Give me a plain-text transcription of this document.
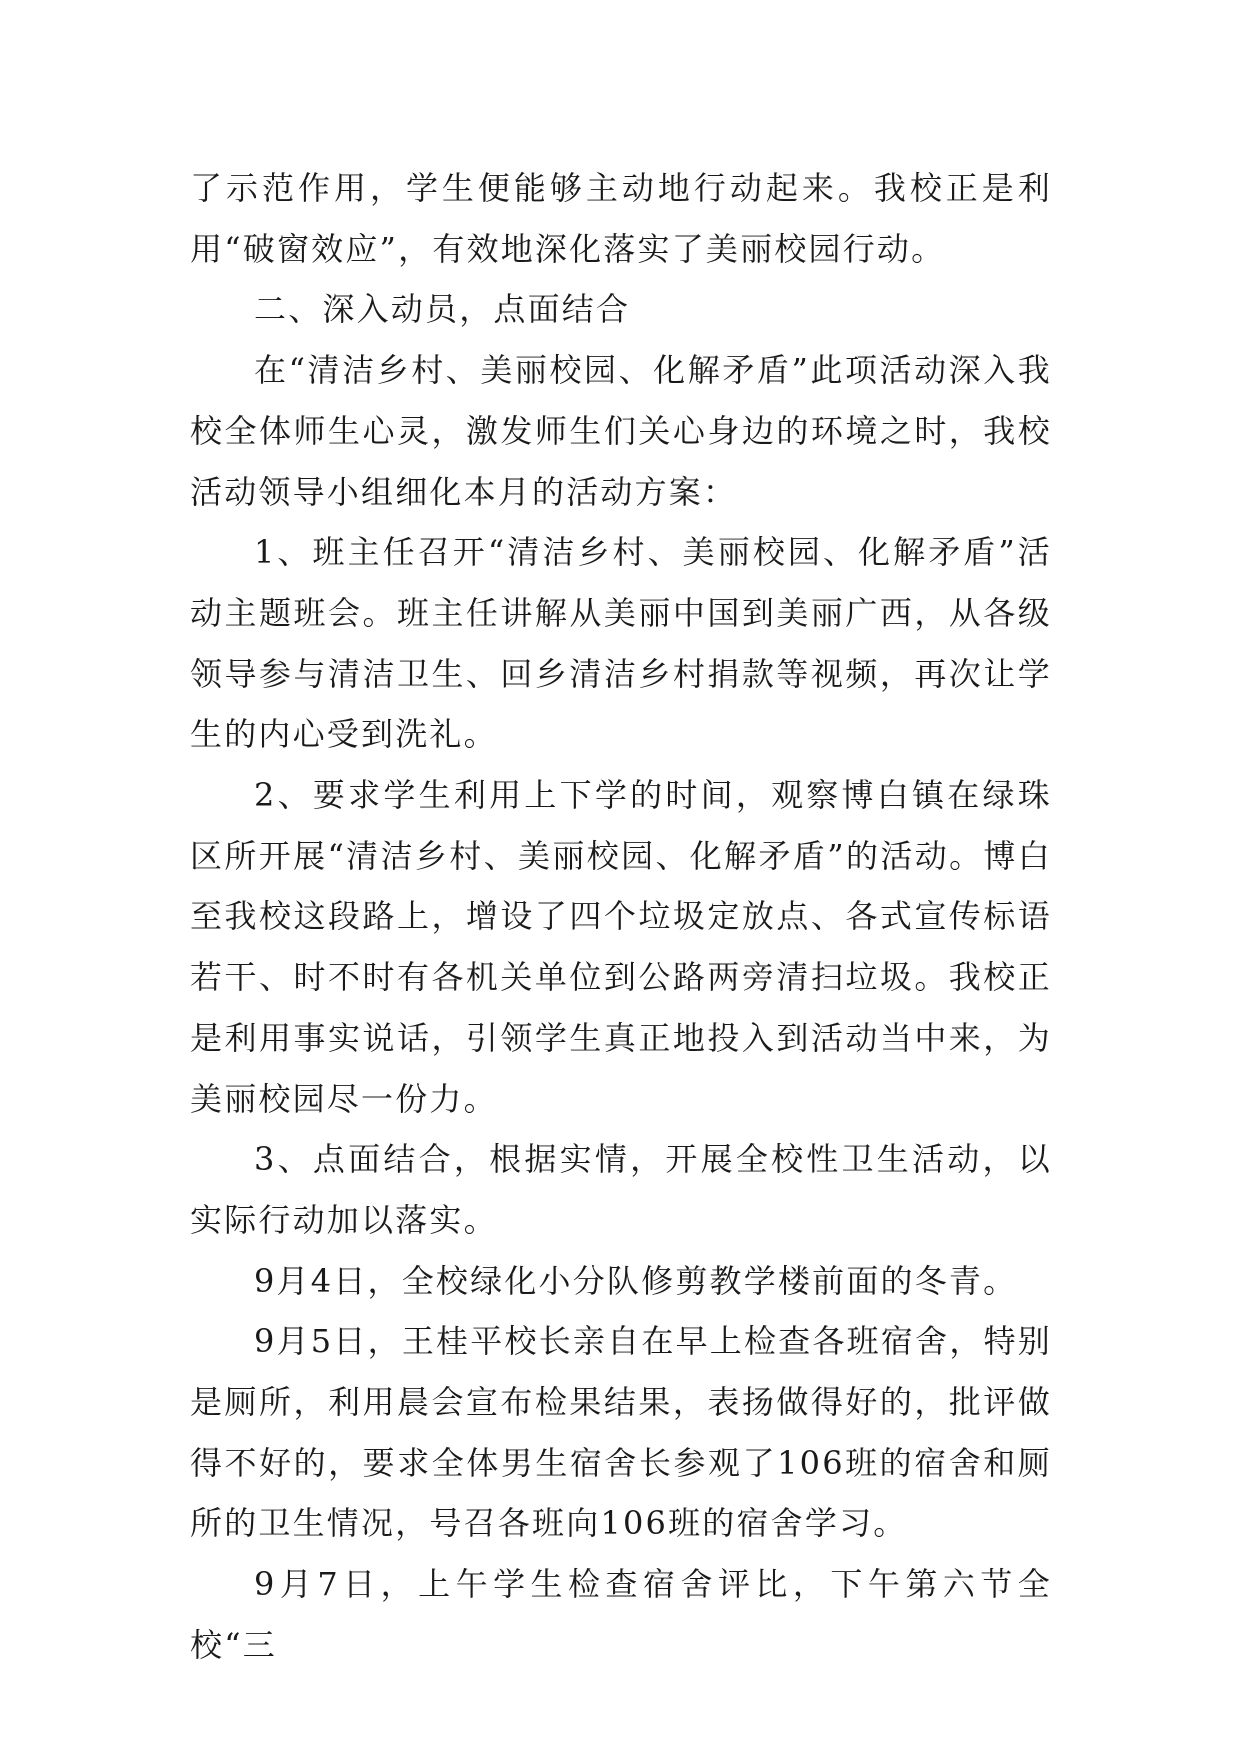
了示范作用，学生便能够主动地行动起来。我校正是利用“破窗效应”，有效地深化落实了美丽校园行动。

二、深入动员，点面结合

在“清洁乡村、美丽校园、化解矛盾”此项活动深入我校全体师生心灵，激发师生们关心身边的环境之时，我校活动领导小组细化本月的活动方案：

1、班主任召开“清洁乡村、美丽校园、化解矛盾”活动主题班会。班主任讲解从美丽中国到美丽广西，从各级领导参与清洁卫生、回乡清洁乡村捐款等视频，再次让学生的内心受到洗礼。

2、要求学生利用上下学的时间，观察博白镇在绿珠区所开展“清洁乡村、美丽校园、化解矛盾”的活动。博白至我校这段路上，增设了四个垃圾定放点、各式宣传标语若干、时不时有各机关单位到公路两旁清扫垃圾。我校正是利用事实说话，引领学生真正地投入到活动当中来，为美丽校园尽一份力。

3、点面结合，根据实情，开展全校性卫生活动，以实际行动加以落实。

9月4日，全校绿化小分队修剪教学楼前面的冬青。

9月5日，王桂平校长亲自在早上检查各班宿舍，特别是厕所，利用晨会宣布检果结果，表扬做得好的，批评做得不好的，要求全体男生宿舍长参观了106班的宿舍和厕所的卫生情况，号召各班向106班的宿舍学习。

9月7日，上午学生检查宿舍评比，下午第六节全校“三
